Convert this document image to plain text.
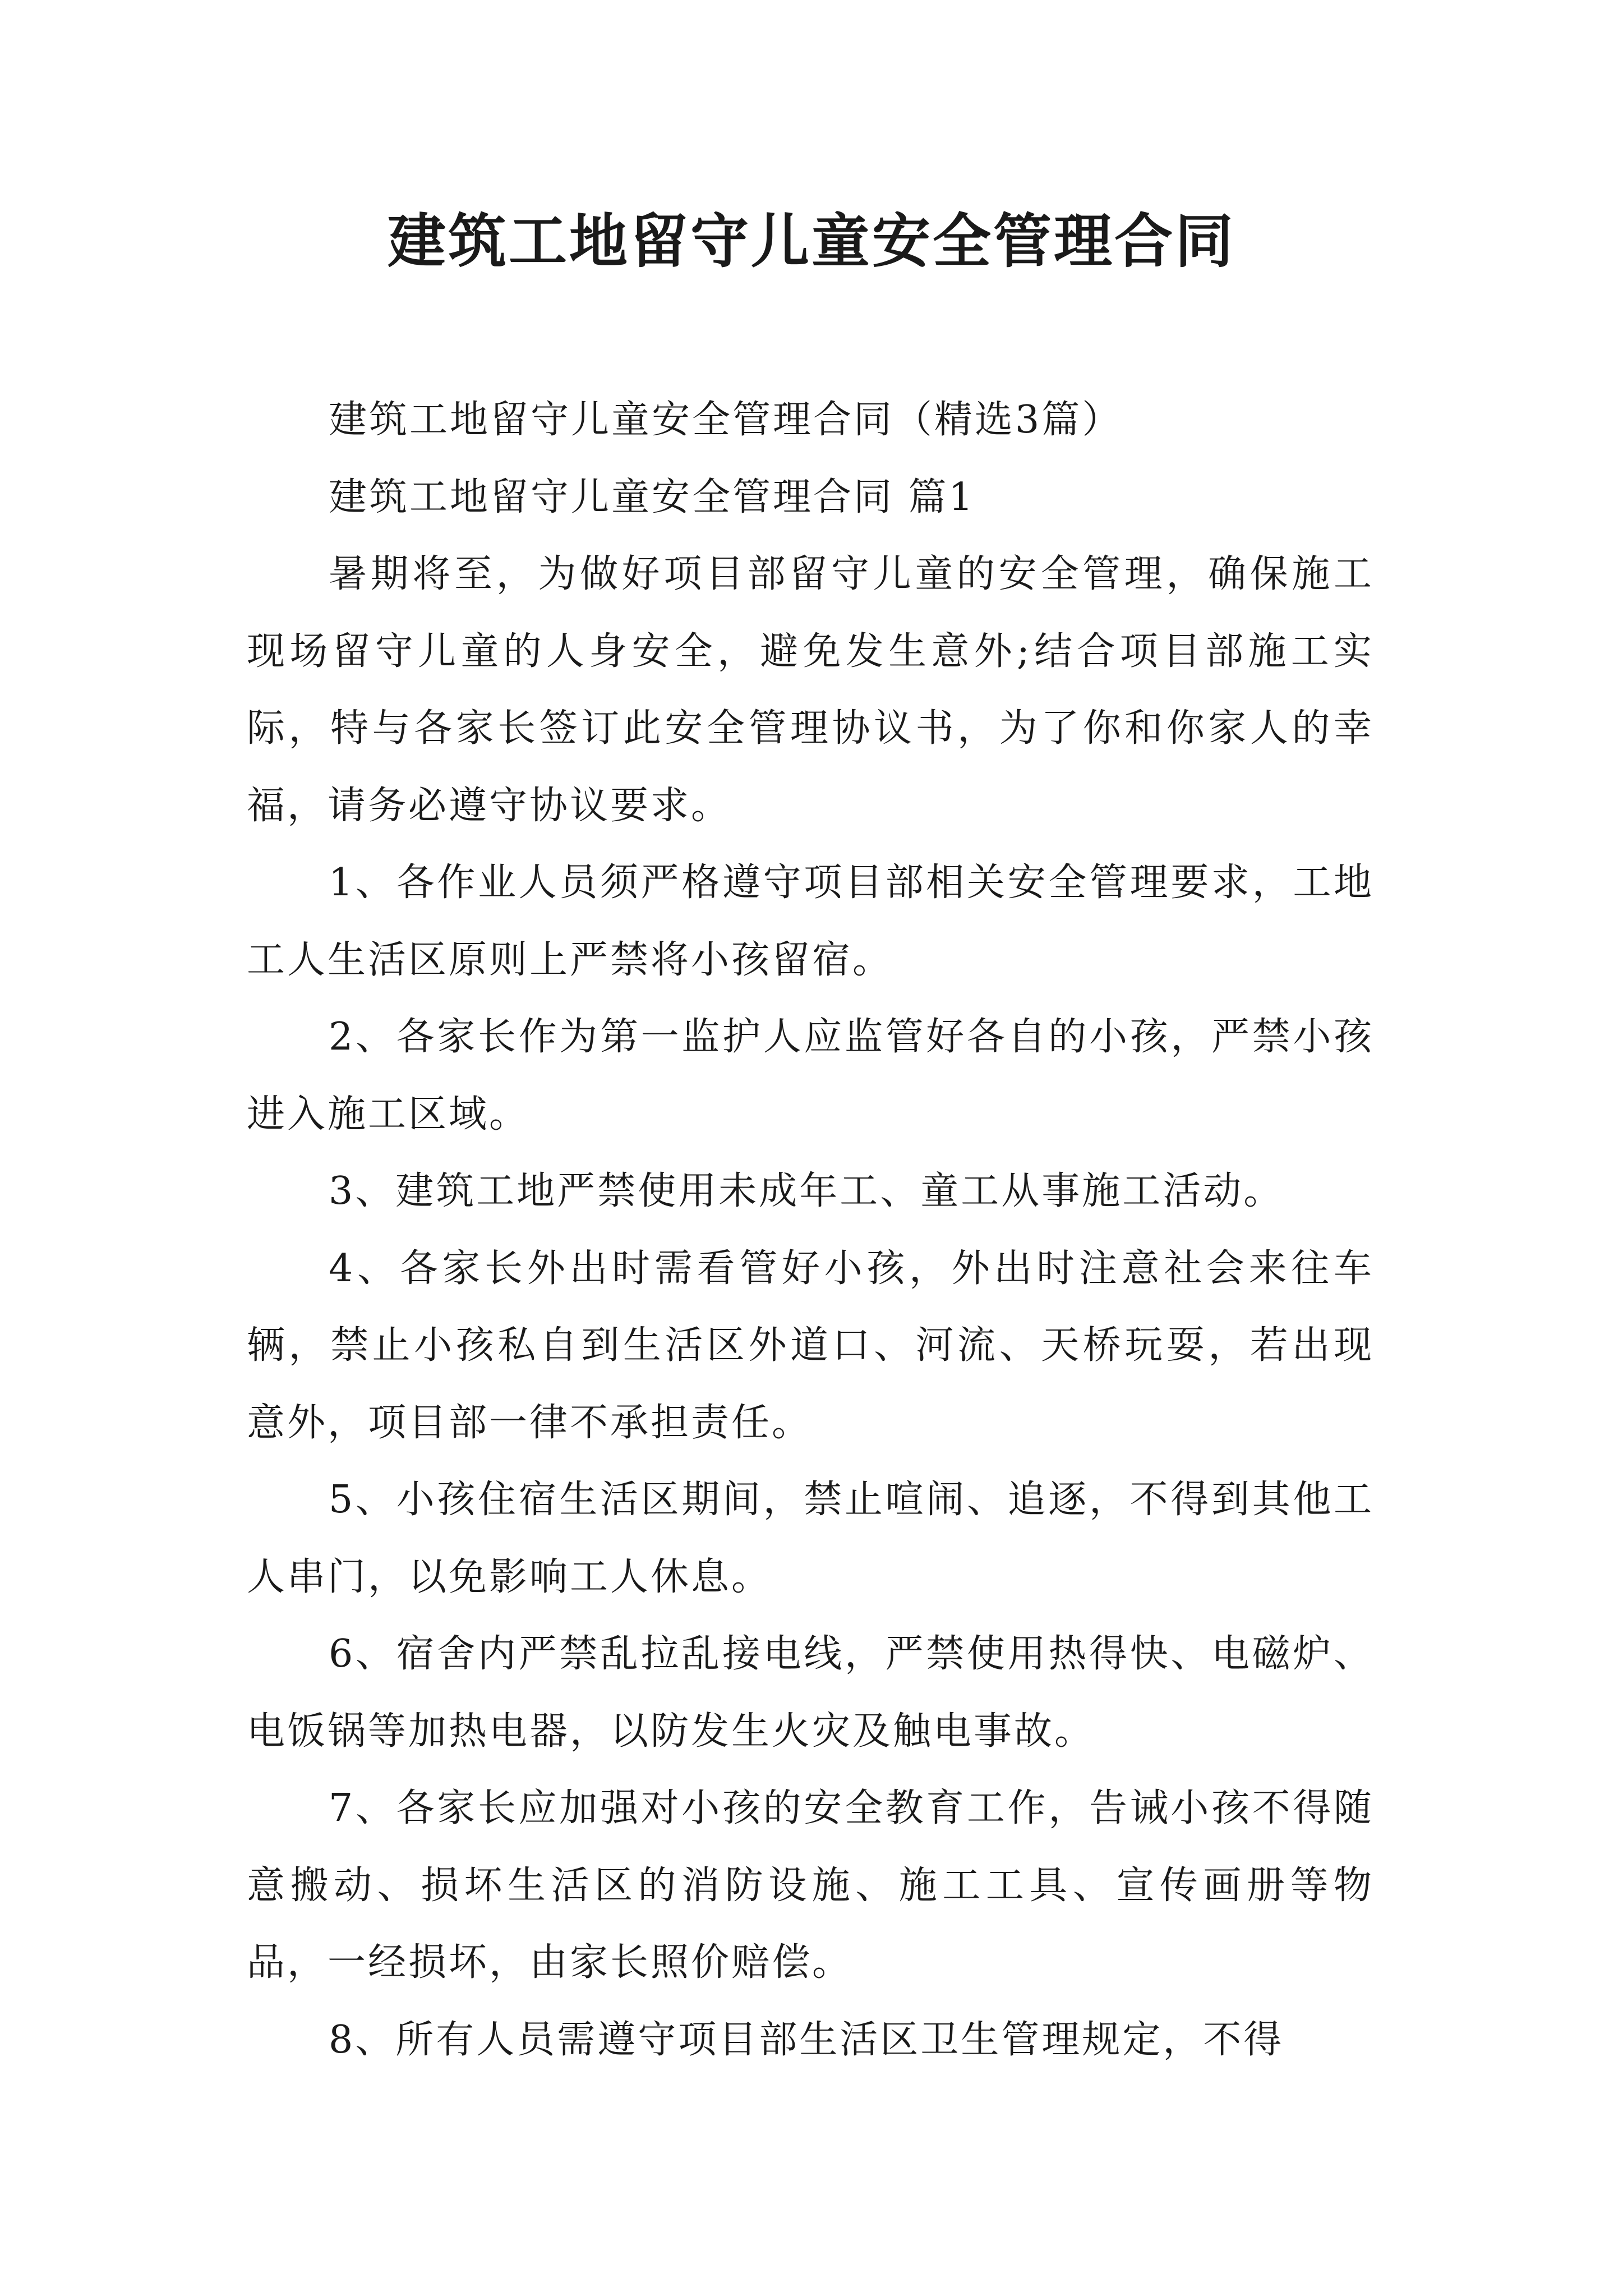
建筑工地留守儿童安全管理合同

建筑工地留守儿童安全管理合同（精选3篇）

建筑工地留守儿童安全管理合同 篇1

暑期将至，为做好项目部留守儿童的安全管理，确保施工现场留守儿童的人身安全，避免发生意外;结合项目部施工实际，特与各家长签订此安全管理协议书，为了你和你家人的幸福，请务必遵守协议要求。

1、各作业人员须严格遵守项目部相关安全管理要求，工地工人生活区原则上严禁将小孩留宿。

2、各家长作为第一监护人应监管好各自的小孩，严禁小孩进入施工区域。

3、建筑工地严禁使用未成年工、童工从事施工活动。

4、各家长外出时需看管好小孩，外出时注意社会来往车辆，禁止小孩私自到生活区外道口、河流、天桥玩耍，若出现意外，项目部一律不承担责任。

5、小孩住宿生活区期间，禁止喧闹、追逐，不得到其他工人串门，以免影响工人休息。

6、宿舍内严禁乱拉乱接电线，严禁使用热得快、电磁炉、电饭锅等加热电器，以防发生火灾及触电事故。

7、各家长应加强对小孩的安全教育工作，告诫小孩不得随意搬动、损坏生活区的消防设施、施工工具、宣传画册等物品，一经损坏，由家长照价赔偿。

8、所有人员需遵守项目部生活区卫生管理规定，不得
